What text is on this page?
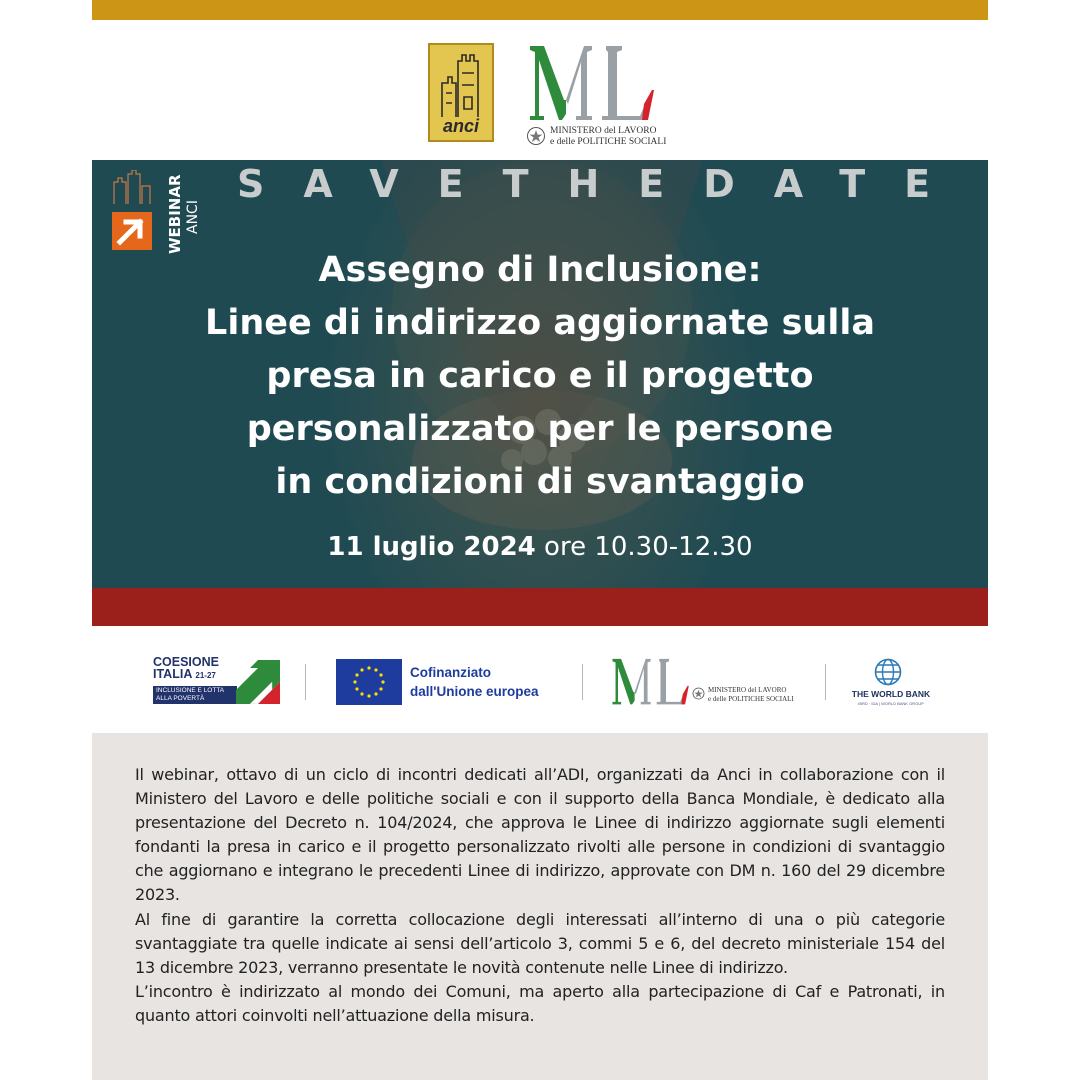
anci	MINISTERO del LAVORO
e delle POLITICHE SOCIALI
SAVETHEDATE
WEBINAR ANCI
Assegno di Inclusione:
Linee di indirizzo aggiornate sulla
presa in carico e il progetto
personalizzato per le persone
in condizioni di svantaggio
11 luglio 2024 ore 10.30-12.30
COESIONE
ITALIA 21-27
INCLUSIONE E LOTTA
ALLA POVERTÀ
Cofinanziato
dall'Unione europea	MINISTERO del LAVORO
e delle POLITICHE SOCIALI	THE WORLD BANK
IBRD · IDA | WORLD BANK GROUP

Il webinar, ottavo di un ciclo di incontri dedicati all’ADI, organizzati da Anci in collaborazione con il Ministero del Lavoro e delle politiche sociali e con il supporto della Banca Mondiale, è dedicato alla presentazione del Decreto n. 104/2024, che approva le Linee di indirizzo aggiornate sugli elementi fondanti la presa in carico e il progetto personalizzato rivolti alle persone in condizioni di svantaggio che aggiornano e integrano le precedenti Linee di indirizzo, approvate con DM n. 160 del 29 dicembre 2023.

Al fine di garantire la corretta collocazione degli interessati all’interno di una o più categorie svantaggiate tra quelle indicate ai sensi dell’articolo 3, commi 5 e 6, del decreto ministeriale 154 del 13 dicembre 2023, verranno presentate le novità contenute nelle Linee di indirizzo.

L’incontro è indirizzato al mondo dei Comuni, ma aperto alla partecipazione di Caf e Patronati, in quanto attori coinvolti nell’attuazione della misura.
